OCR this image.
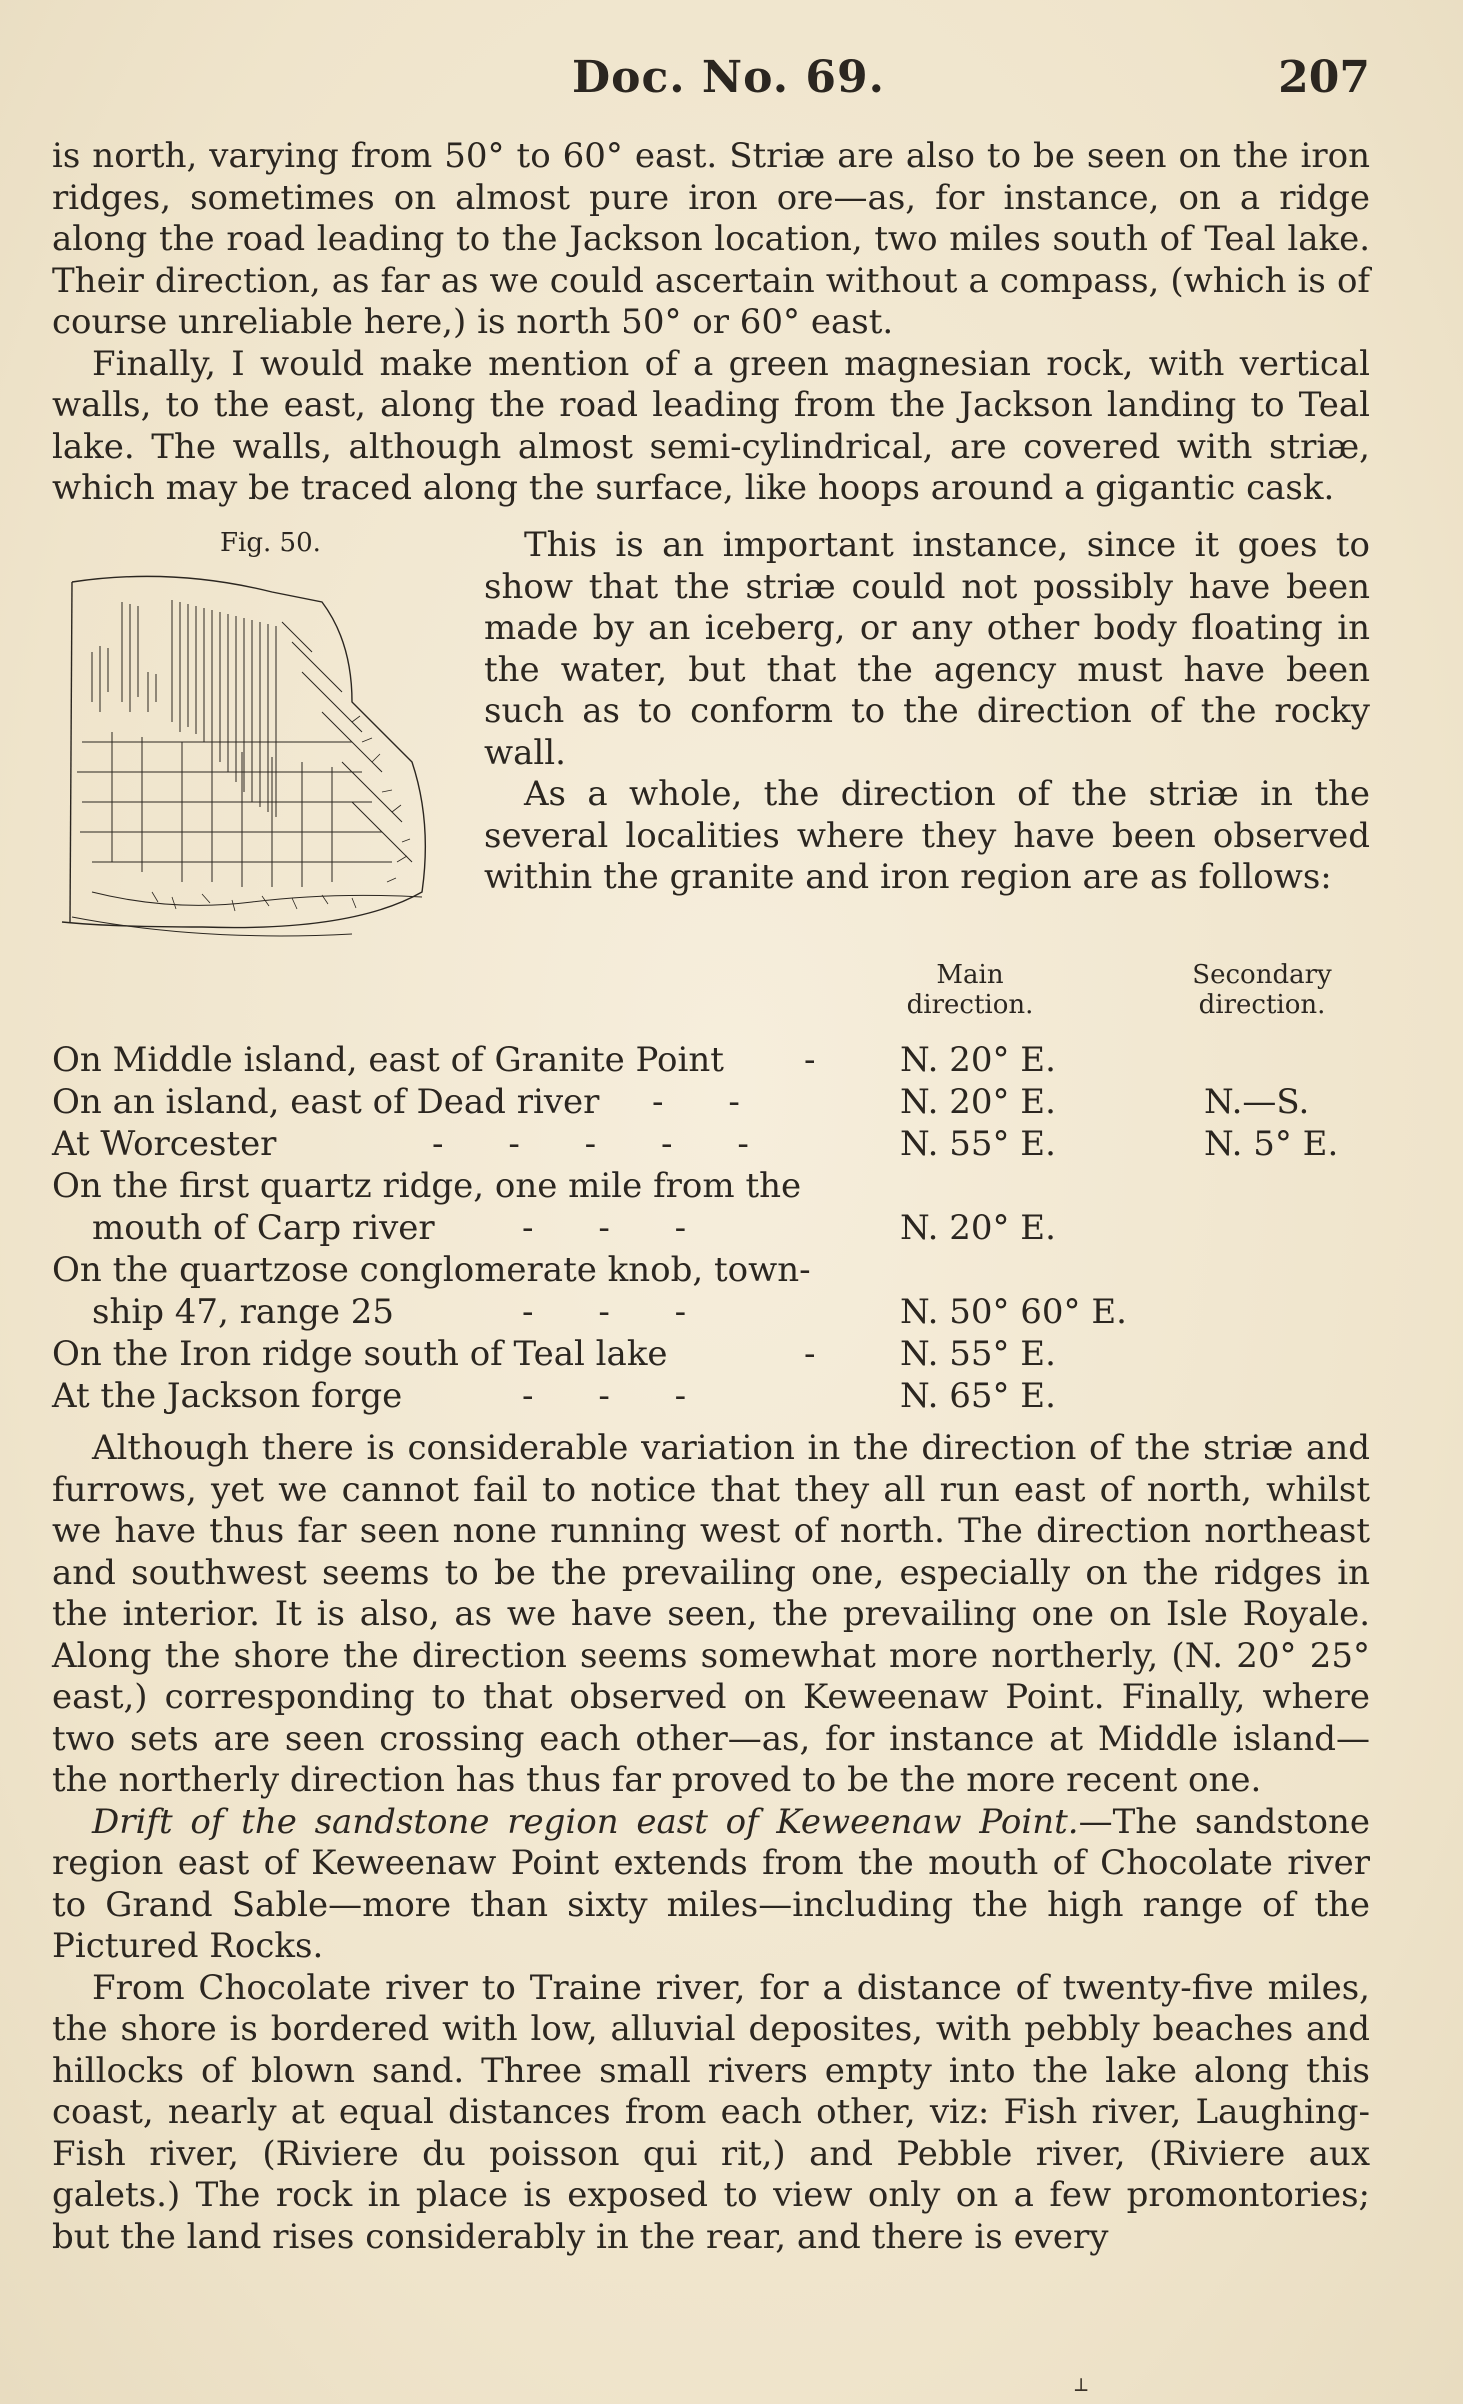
Doc. No. 69.	207

is north, varying from 50° to 60° east. Striæ are also to be seen on the iron ridges, sometimes on almost pure iron ore—as, for instance, on a ridge along the road leading to the Jackson location, two miles south of Teal lake. Their direction, as far as we could ascertain without a compass, (which is of course unreliable here,) is north 50° or 60° east.

Finally, I would make mention of a green magnesian rock, with vertical walls, to the east, along the road leading from the Jackson landing to Teal lake. The walls, although almost semi-cylindrical, are covered with striæ, which may be traced along the surface, like hoops around a gigantic cask.

Fig. 50.	This is an important instance, since it goes to show that the striæ could not possibly have been made by an iceberg, or any other body floating in the water, but that the agency must have been such as to conform to the direction of the rocky wall.

As a whole, the direction of the striæ in the several localities where they have been observed within the granite and iron region are as follows:

Main
direction.
Secondary
direction.
On Middle island, east of Granite Point - N. 20° E.
On an island, east of Dead river -      -	N. 20° E.	N.—S.
At Worcester	-      -      -      -      -	N. 55° E.	N. 5° E.
On the first quartz ridge, one mile from the
mouth of Carp river	-      -      -	N. 20° E.
On the quartzose conglomerate knob, town-
ship 47, range 25	-      -      -	N. 50° 60° E.
On the Iron ridge south of Teal lake	- N. 55° E.
At the Jackson forge	-      -      -	N. 65° E.

Although there is considerable variation in the direction of the striæ and furrows, yet we cannot fail to notice that they all run east of north, whilst we have thus far seen none running west of north. The direction northeast and southwest seems to be the prevailing one, especially on the ridges in the interior. It is also, as we have seen, the prevailing one on Isle Royale. Along the shore the direction seems somewhat more northerly, (N. 20° 25° east,) corresponding to that observed on Keweenaw Point. Finally, where two sets are seen crossing each other—as, for instance at Middle island—the northerly direction has thus far proved to be the more recent one.

Drift of the sandstone region east of Keweenaw Point.—The sandstone region east of Keweenaw Point extends from the mouth of Chocolate river to Grand Sable—more than sixty miles—including the high range of the Pictured Rocks.

From Chocolate river to Traine river, for a distance of twenty-five miles, the shore is bordered with low, alluvial deposites, with pebbly beaches and hillocks of blown sand. Three small rivers empty into the lake along this coast, nearly at equal distances from each other, viz: Fish river, Laughing-Fish river, (Riviere du poisson qui rit,) and Pebble river, (Riviere aux galets.) The rock in place is exposed to view only on a few promontories; but the land rises considerably in the rear, and there is every

┴
